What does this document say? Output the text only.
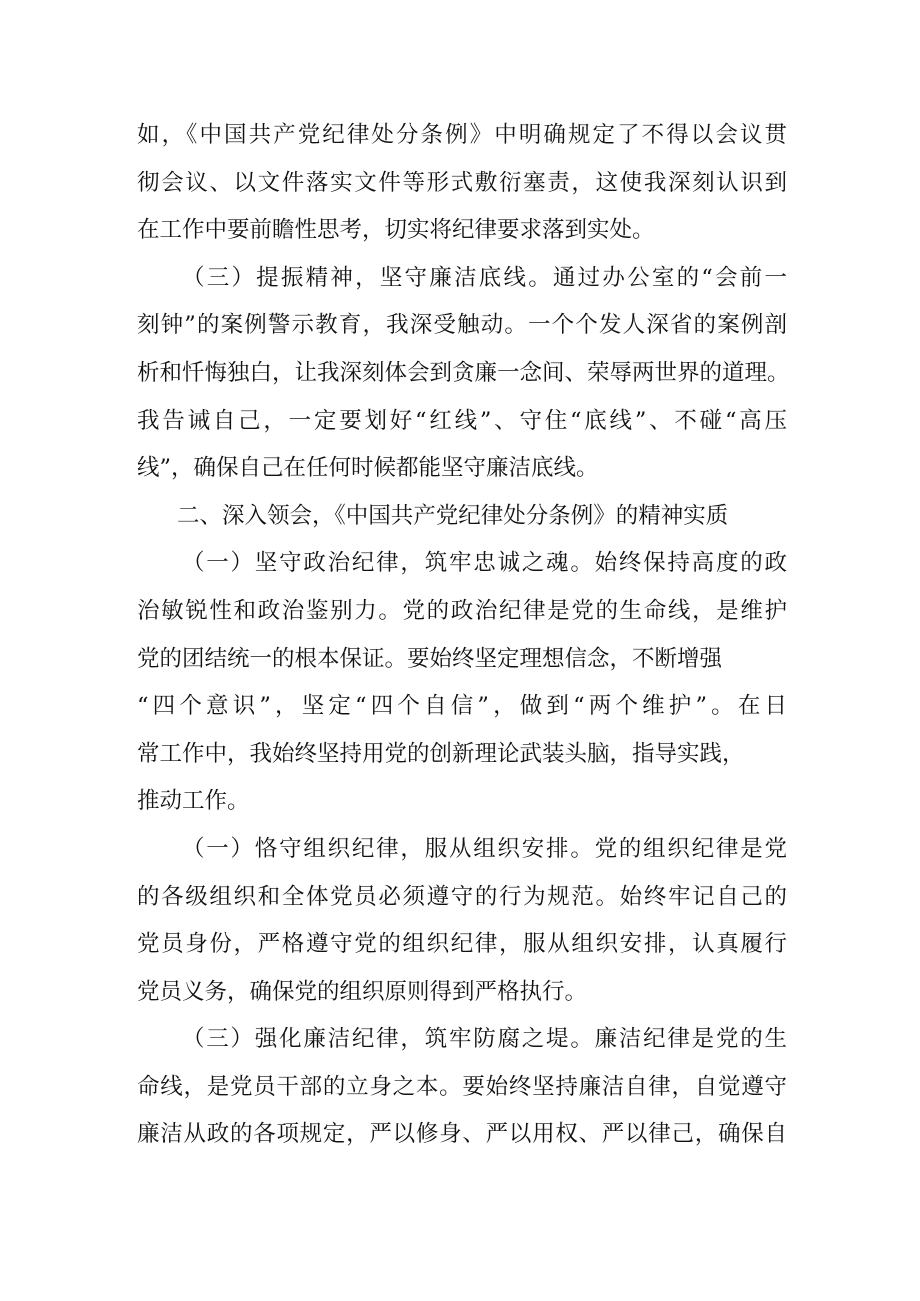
如，《中国共产党纪律处分条例》中明确规定了不得以会议贯
彻会议、以文件落实文件等形式敷衍塞责，这使我深刻认识到
在工作中要前瞻性思考，切实将纪律要求落到实处。
（三）提振精神，坚守廉洁底线。通过办公室的“会前一
刻钟”的案例警示教育，我深受触动。一个个发人深省的案例剖
析和忏悔独白，让我深刻体会到贪廉一念间、荣辱两世界的道理。
我告诫自己，一定要划好“红线”、守住“底线”、不碰“高压
线”，确保自己在任何时候都能坚守廉洁底线。
二、深入领会，《中国共产党纪律处分条例》的精神实质
（一）坚守政治纪律，筑牢忠诚之魂。始终保持高度的政
治敏锐性和政治鉴别力。党的政治纪律是党的生命线，是维护
党的团结统一的根本保证。要始终坚定理想信念，不断增强
“四个意识”，坚定“四个自信”，做到“两个维护”。在日
常工作中，我始终坚持用党的创新理论武装头脑，指导实践，
推动工作。
（一）恪守组织纪律，服从组织安排。党的组织纪律是党
的各级组织和全体党员必须遵守的行为规范。始终牢记自己的
党员身份，严格遵守党的组织纪律，服从组织安排，认真履行
党员义务，确保党的组织原则得到严格执行。
（三）强化廉洁纪律，筑牢防腐之堤。廉洁纪律是党的生
命线，是党员干部的立身之本。要始终坚持廉洁自律，自觉遵守
廉洁从政的各项规定，严以修身、严以用权、严以律己，确保自
